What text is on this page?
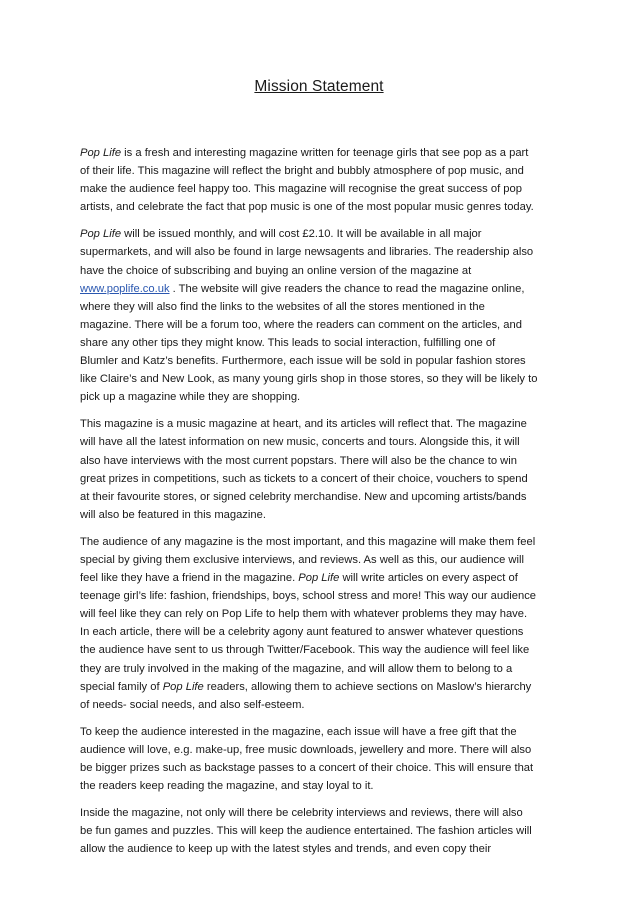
Mission Statement
Pop Life is a fresh and interesting magazine written for teenage girls that see pop as a part
of their life. This magazine will reflect the bright and bubbly atmosphere of pop music, and
make the audience feel happy too. This magazine will recognise the great success of pop
artists, and celebrate the fact that pop music is one of the most popular music genres today.
Pop Life will be issued monthly, and will cost £2.10. It will be available in all major
supermarkets, and will also be found in large newsagents and libraries. The readership also
have the choice of subscribing and buying an online version of the magazine at
www.poplife.co.uk . The website will give readers the chance to read the magazine online,
where they will also find the links to the websites of all the stores mentioned in the
magazine. There will be a forum too, where the readers can comment on the articles, and
share any other tips they might know. This leads to social interaction, fulfilling one of
Blumler and Katz’s benefits. Furthermore, each issue will be sold in popular fashion stores
like Claire’s and New Look, as many young girls shop in those stores, so they will be likely to
pick up a magazine while they are shopping.
This magazine is a music magazine at heart, and its articles will reflect that. The magazine
will have all the latest information on new music, concerts and tours. Alongside this, it will
also have interviews with the most current popstars. There will also be the chance to win
great prizes in competitions, such as tickets to a concert of their choice, vouchers to spend
at their favourite stores, or signed celebrity merchandise. New and upcoming artists/bands
will also be featured in this magazine.
The audience of any magazine is the most important, and this magazine will make them feel
special by giving them exclusive interviews, and reviews. As well as this, our audience will
feel like they have a friend in the magazine. Pop Life will write articles on every aspect of
teenage girl’s life: fashion, friendships, boys, school stress and more! This way our audience
will feel like they can rely on Pop Life to help them with whatever problems they may have.
In each article, there will be a celebrity agony aunt featured to answer whatever questions
the audience have sent to us through Twitter/Facebook. This way the audience will feel like
they are truly involved in the making of the magazine, and will allow them to belong to a
special family of Pop Life readers, allowing them to achieve sections on Maslow’s hierarchy
of needs- social needs, and also self-esteem.
To keep the audience interested in the magazine, each issue will have a free gift that the
audience will love, e.g. make-up, free music downloads, jewellery and more. There will also
be bigger prizes such as backstage passes to a concert of their choice. This will ensure that
the readers keep reading the magazine, and stay loyal to it.
Inside the magazine, not only will there be celebrity interviews and reviews, there will also
be fun games and puzzles. This will keep the audience entertained. The fashion articles will
allow the audience to keep up with the latest styles and trends, and even copy their
